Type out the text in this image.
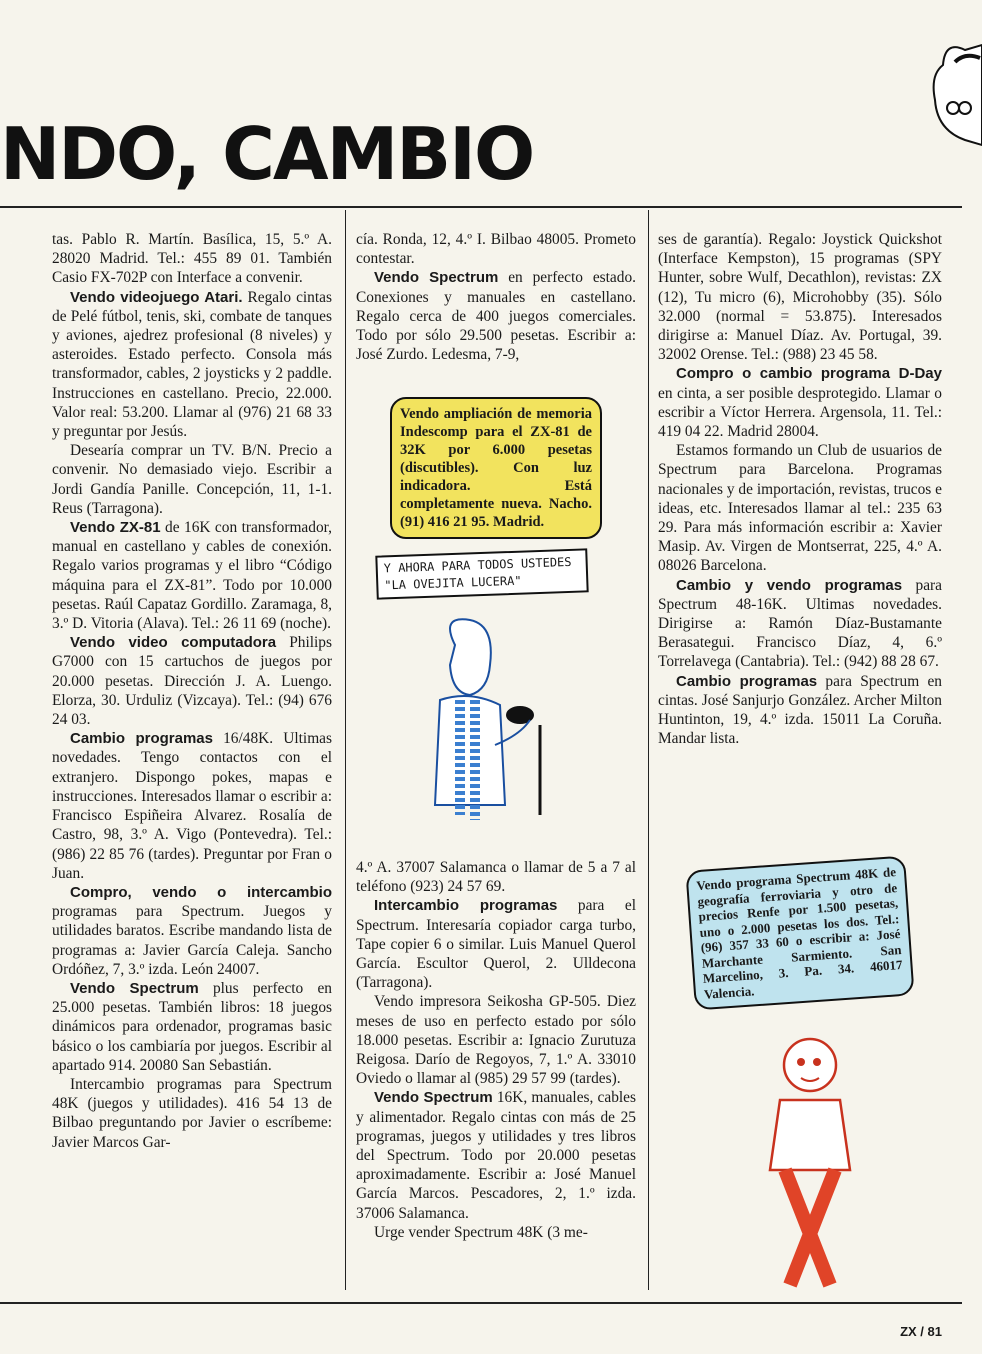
NDO, CAMBIO

tas. Pablo R. Martín. Basílica, 15, 5.º A. 28020 Madrid. Tel.: 455 89 01. También Casio FX-702P con Interface a convenir.

Vendo videojuego Atari. Regalo cintas de Pelé fútbol, tenis, ski, combate de tanques y aviones, ajedrez profesional (8 niveles) y asteroides. Estado perfecto. Consola más transformador, cables, 2 joysticks y 2 paddle. Instrucciones en castellano. Precio, 22.000. Valor real: 53.200. Llamar al (976) 21 68 33 y preguntar por Jesús.

Desearía comprar un TV. B/N. Precio a convenir. No demasiado viejo. Escribir a Jordi Gandía Panille. Concepción, 11, 1-1. Reus (Tarragona).

Vendo ZX-81 de 16K con transformador, manual en castellano y cables de conexión. Regalo varios programas y el libro “Código máquina para el ZX-81”. Todo por 10.000 pesetas. Raúl Capataz Gordillo. Zaramaga, 8, 3.º D. Vitoria (Alava). Tel.: 26 11 69 (noche).

Vendo video computadora Philips G7000 con 15 cartuchos de juegos por 20.000 pesetas. Dirección J. A. Luengo. Elorza, 30. Urduliz (Vizcaya). Tel.: (94) 676 24 03.

Cambio programas 16/48K. Ultimas novedades. Tengo contactos con el extranjero. Dispongo pokes, mapas e instrucciones. Interesados llamar o escribir a: Francisco Espiñeira Alvarez. Rosalía de Castro, 98, 3.º A. Vigo (Pontevedra). Tel.: (986) 22 85 76 (tardes). Preguntar por Fran o Juan.

Compro, vendo o intercambio programas para Spectrum. Juegos y utilidades baratos. Escribe mandando lista de programas a: Javier García Caleja. Sancho Ordóñez, 7, 3.º izda. León 24007.

Vendo Spectrum plus perfecto en 25.000 pesetas. También libros: 18 juegos dinámicos para ordenador, programas basic básico o los cambiaría por juegos. Escribir al apartado 914. 20080 San Sebastián.

Intercambio programas para Spectrum 48K (juegos y utilidades). 416 54 13 de Bilbao preguntando por Javier o escríbeme: Javier Marcos Gar-

cía. Ronda, 12, 4.º I. Bilbao 48005. Prometo contestar.

Vendo Spectrum en perfecto estado. Conexiones y manuales en castellano. Regalo cerca de 400 juegos comerciales. Todo por sólo 29.500 pesetas. Escribir a: José Zurdo. Ledesma, 7-9,

4.º A. 37007 Salamanca o llamar de 5 a 7 al teléfono (923) 24 57 69.

Intercambio programas para el Spectrum. Interesaría copiador carga turbo, Tape copier 6 o similar. Luis Manuel Querol García. Escultor Querol, 2. Ulldecona (Tarragona).

Vendo impresora Seikosha GP-505. Diez meses de uso en perfecto estado por sólo 18.000 pesetas. Escribir a: Ignacio Zurutuza Reigosa. Darío de Regoyos, 7, 1.º A. 33010 Oviedo o llamar al (985) 29 57 99 (tardes).

Vendo Spectrum 16K, manuales, cables y alimentador. Regalo cintas con más de 25 programas, juegos y utilidades y tres libros del Spectrum. Todo por 20.000 pesetas aproximadamente. Escribir a: José Manuel García Marcos. Pescadores, 2, 1.º izda. 37006 Salamanca.

Urge vender Spectrum 48K (3 me-

ses de garantía). Regalo: Joystick Quickshot (Interface Kempston), 15 programas (SPY Hunter, sobre Wulf, Decathlon), revistas: ZX (12), Tu micro (6), Microhobby (35). Sólo 32.000 (normal = 53.875). Interesados dirigirse a: Manuel Díaz. Av. Portugal, 39. 32002 Orense. Tel.: (988) 23 45 58.

Compro o cambio programa D-Day en cinta, a ser posible desprotegido. Llamar o escribir a Víctor Herrera. Argensola, 11. Tel.: 419 04 22. Madrid 28004.

Estamos formando un Club de usuarios de Spectrum para Barcelona. Programas nacionales y de importación, revistas, trucos e ideas, etc. Interesados llamar al tel.: 235 63 29. Para más información escribir a: Xavier Masip. Av. Virgen de Montserrat, 225, 4.º A. 08026 Barcelona.

Cambio y vendo programas para Spectrum 48-16K. Ultimas novedades. Dirigirse a: Ramón Díaz-Bustamante Berasategui. Francisco Díaz, 4, 6.º Torrelavega (Cantabria). Tel.: (942) 88 28 67.

Cambio programas para Spectrum en cintas. José Sanjurjo González. Archer Milton Huntinton, 19, 4.º izda. 15011 La Coruña. Mandar lista.

Vendo ampliación de memoria Indescomp para el ZX-81 de 32K por 6.000 pesetas (discutibles). Con luz indicadora. Está completamente nueva. Nacho. (91) 416 21 95. Madrid.
Y AHORA PARA TODOS USTEDES "LA OVEJITA LUCERA"
Vendo programa Spectrum 48K de geografía ferroviaria y otro de precios Renfe por 1.500 pesetas, uno o 2.000 pesetas los dos. Tel.: (96) 357 33 60 o escribir a: José Marchante Sarmiento. San Marcelino, 3. Pa. 34. 46017 Valencia.
ZX / 81
